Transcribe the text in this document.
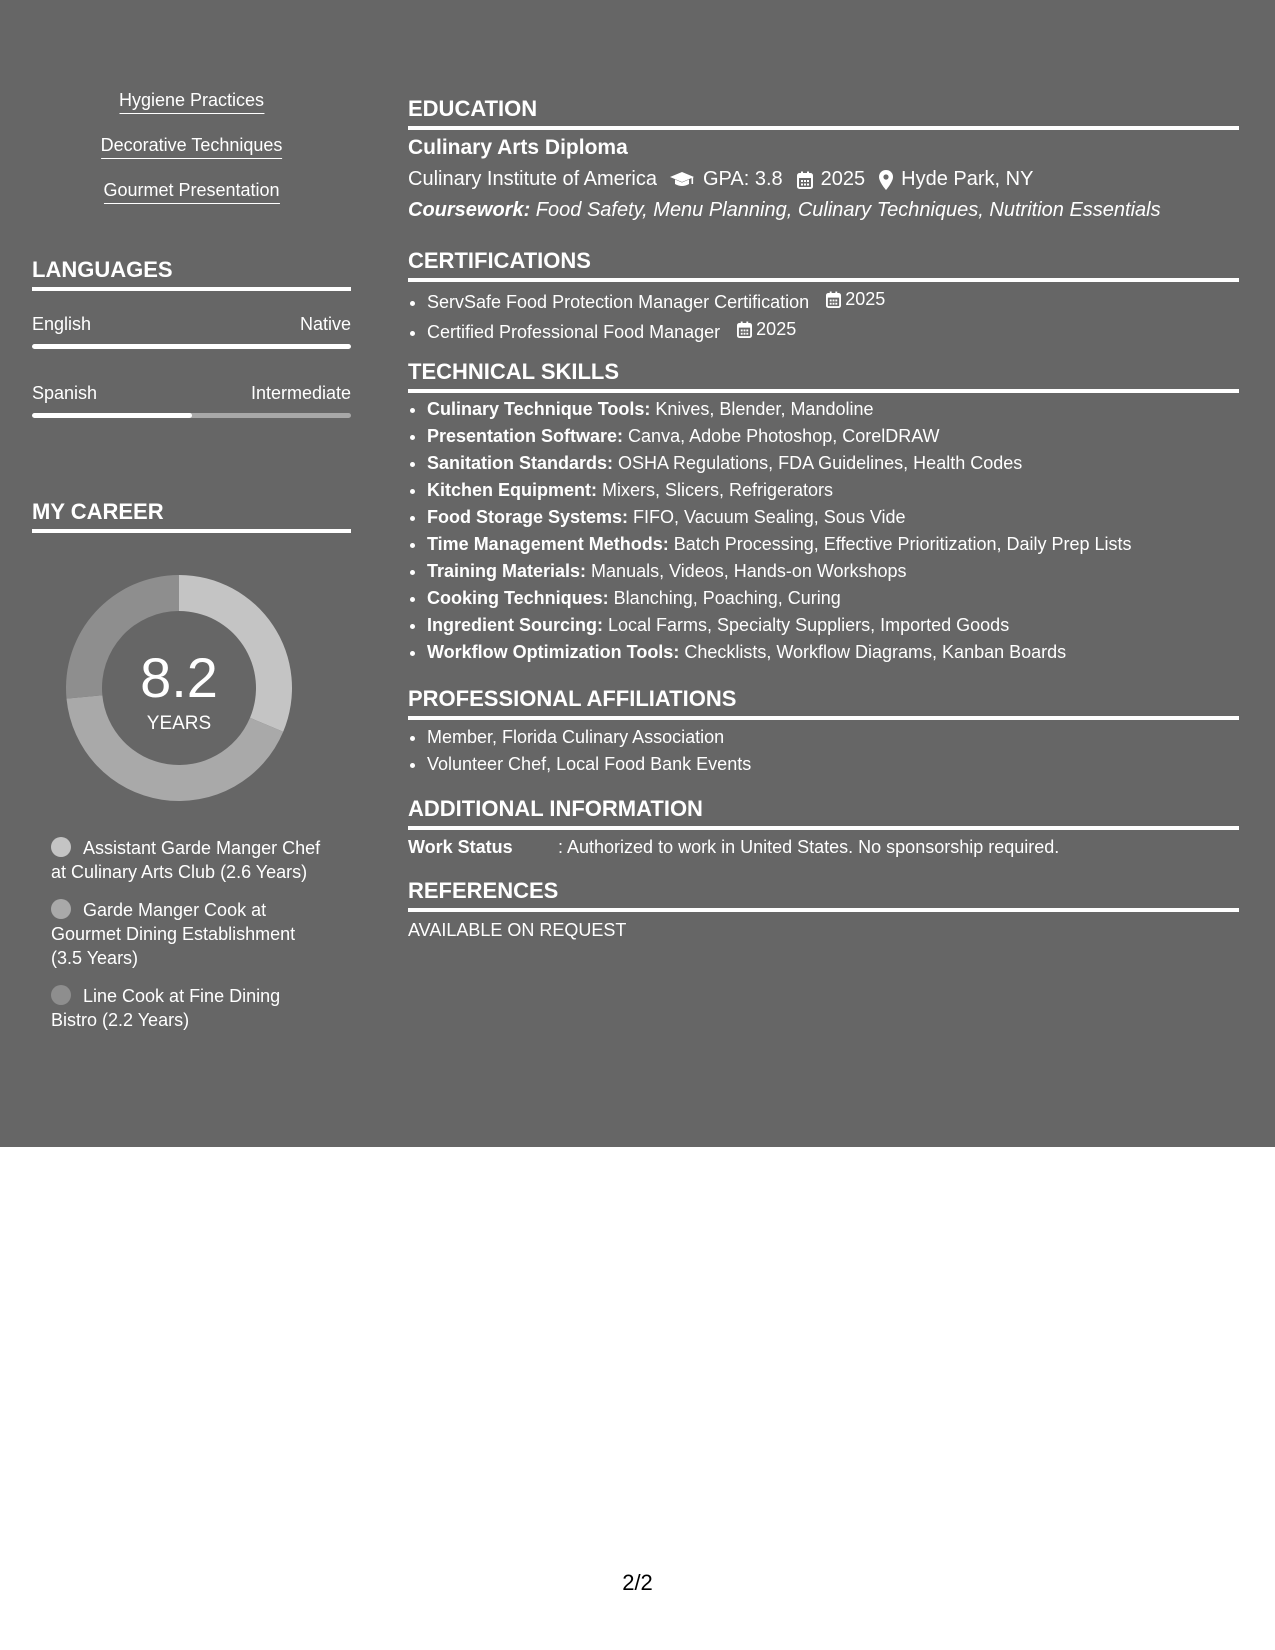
Hygiene Practices
Decorative Techniques
Gourmet Presentation
LANGUAGES
English	Native
Spanish	Intermediate
MY CAREER
8.2
YEARS
Assistant Garde Manger Chef at Culinary Arts Club (2.6 Years)
Garde Manger Cook at Gourmet Dining Establishment (3.5 Years)
Line Cook at Fine Dining Bistro (2.2 Years)
EDUCATION
Culinary Arts Diploma
Culinary Institute of America GPA: 3.8 2025 Hyde Park, NY
Coursework: Food Safety, Menu Planning, Culinary Techniques, Nutrition Essentials
CERTIFICATIONS
• ServSafe Food Protection Manager Certification 2025
• Certified Professional Food Manager 2025
TECHNICAL SKILLS
• Culinary Technique Tools: Knives, Blender, Mandoline
• Presentation Software: Canva, Adobe Photoshop, CorelDRAW
• Sanitation Standards: OSHA Regulations, FDA Guidelines, Health Codes
• Kitchen Equipment: Mixers, Slicers, Refrigerators
• Food Storage Systems: FIFO, Vacuum Sealing, Sous Vide
• Time Management Methods: Batch Processing, Effective Prioritization, Daily Prep Lists
• Training Materials: Manuals, Videos, Hands-on Workshops
• Cooking Techniques: Blanching, Poaching, Curing
• Ingredient Sourcing: Local Farms, Specialty Suppliers, Imported Goods
• Workflow Optimization Tools: Checklists, Workflow Diagrams, Kanban Boards
PROFESSIONAL AFFILIATIONS
• Member, Florida Culinary Association
• Volunteer Chef, Local Food Bank Events
ADDITIONAL INFORMATION
Work Status	: Authorized to work in United States. No sponsorship required.
REFERENCES
AVAILABLE ON REQUEST
2/2
